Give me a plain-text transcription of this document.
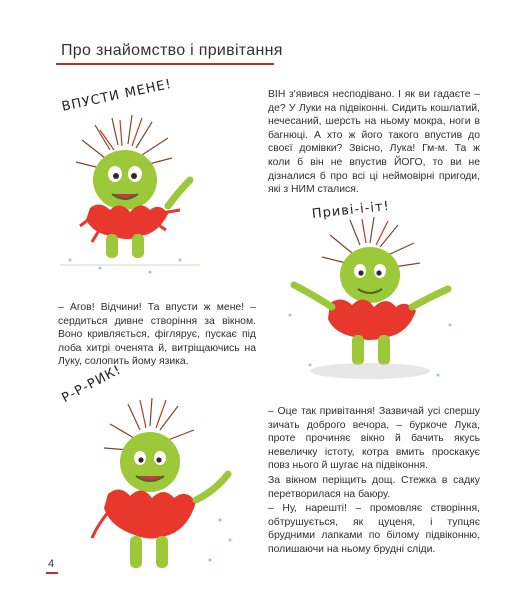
Про знайомство і привітання
ВПУСТИ МЕНЕ!
Приві-і-іт!
Р-Р-РИК!

ВІН з'явився несподівано. І як ви гадаєте – де? У Луки на підвіконні. Сидить кошлатий, нечесаний, шерсть на ньому мокра, ноги в багнюці. А хто ж його такого впустив до своєї домівки? Звісно, Лука! Гм-м. Та ж коли б він не впустив ЙОГО, то ви не дізналися б про всі ці неймовірні пригоди, які з НИМ сталися.

– Агов! Відчини! Та впусти ж мене! – сердиться дивне створіння за вікном. Воно кривляється, фіглярує, пускає під лоба хитрі оченята й, витріщаючись на Луку, солопить йому язика.

– Оце так привітання! Зазвичай усі спершу зичать доброго вечора, – буркоче Лука, проте прочиняє вікно й бачить якусь невеличку істоту, котра вмить проскакує повз нього й шугає на підвіконня.

За вікном періщить дощ. Стежка в садку перетворилася на баюру.

– Ну, нарешті! – промовляє створіння, обтрушується, як цуценя, і тупцяє брудними лапками по білому підвіконню, полишаючи на ньому брудні сліди.

4
